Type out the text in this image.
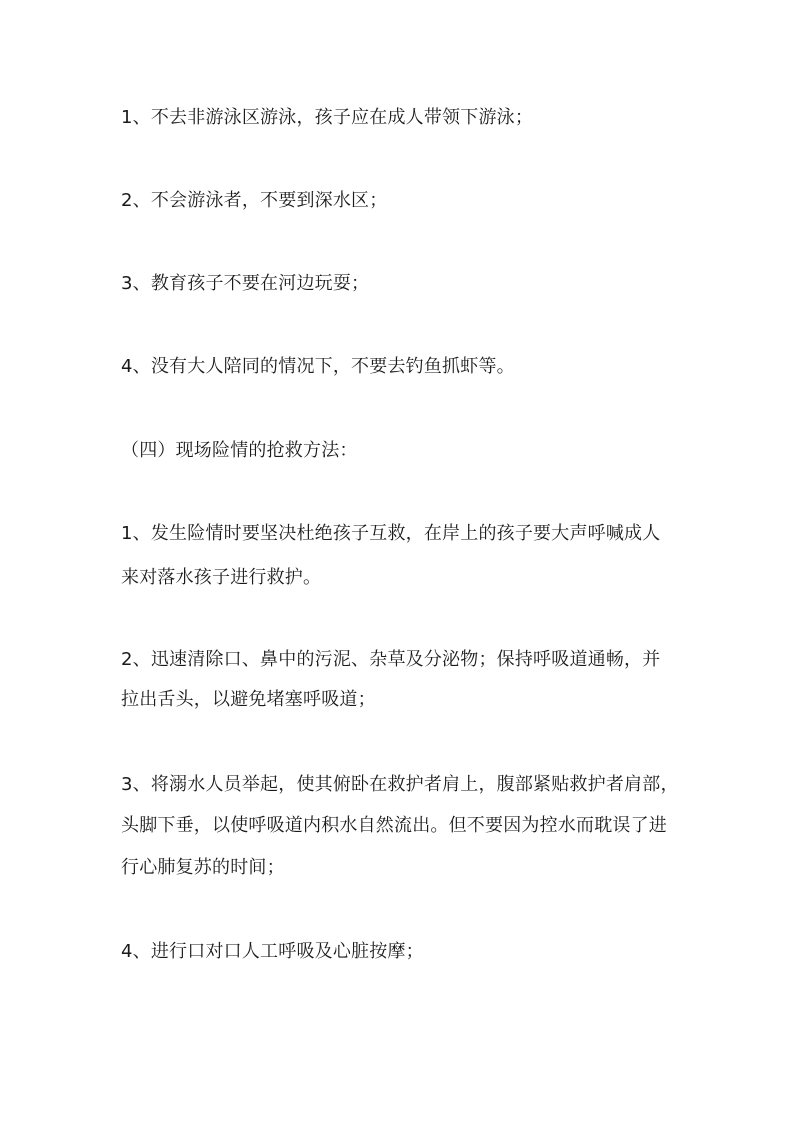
1、不去非游泳区游泳，孩子应在成人带领下游泳；
2、不会游泳者，不要到深水区；
3、教育孩子不要在河边玩耍；
4、没有大人陪同的情况下，不要去钓鱼抓虾等。
（四）现场险情的抢救方法：
1、发生险情时要坚决杜绝孩子互救，在岸上的孩子要大声呼喊成人
来对落水孩子进行救护。
2、迅速清除口、鼻中的污泥、杂草及分泌物；保持呼吸道通畅，并
拉出舌头，以避免堵塞呼吸道；
3、将溺水人员举起，使其俯卧在救护者肩上，腹部紧贴救护者肩部，
头脚下垂，以使呼吸道内积水自然流出。但不要因为控水而耽误了进
行心肺复苏的时间；
4、进行口对口人工呼吸及心脏按摩；
